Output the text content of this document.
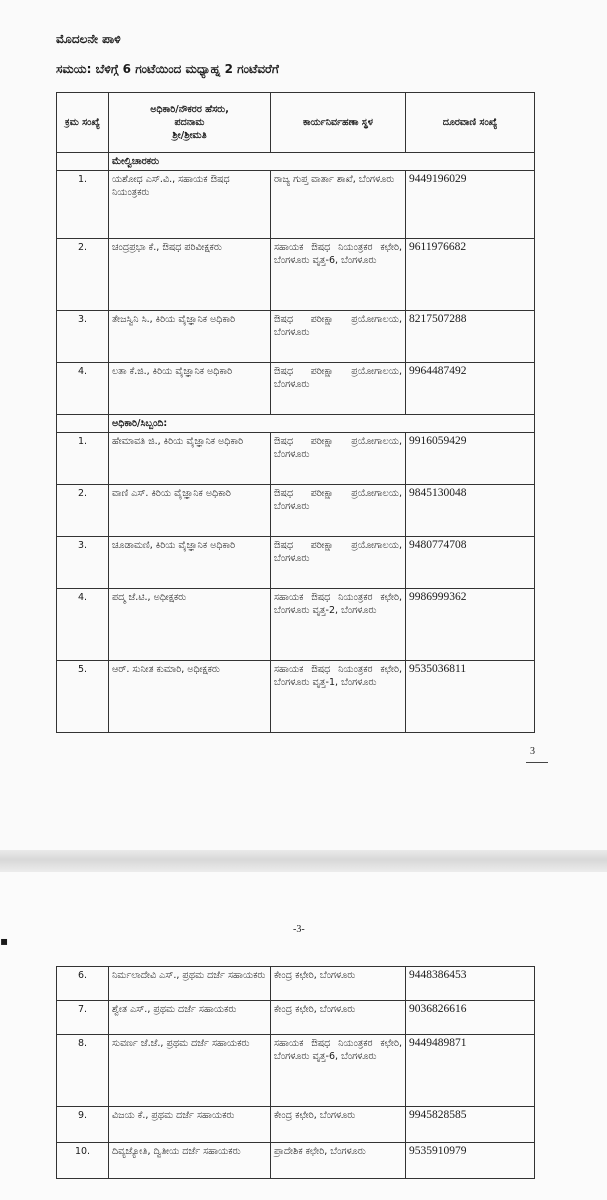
ಮೊದಲನೇ ಪಾಳಿ
ಸಮಯ: ಬೆಳಿಗ್ಗೆ 6 ಗಂಟೆಯಿಂದ ಮಧ್ಯಾಹ್ನ 2 ಗಂಟೆವರೆಗೆ
ಕ್ರಮ ಸಂಖ್ಯೆ	ಅಧಿಕಾರಿ/ನೌಕರರ ಹೆಸರು,
ಪದನಾಮ
ಶ್ರೀ/ಶ್ರೀಮತಿ	ಕಾರ್ಯನಿರ್ವಹಣಾ ಸ್ಥಳ	ದೂರವಾಣಿ ಸಂಖ್ಯೆ
	ಮೇಲ್ವಿಚಾರಕರು		
1.	ಯಶೋಧ ಎಸ್.ವಿ., ಸಹಾಯಕ ಔಷಧ ನಿಯಂತ್ರಕರು	ರಾಜ್ಯ ಗುಪ್ತ ವಾರ್ತಾ ಶಾಖೆ, ಬೆಂಗಳೂರು	9449196029
2.	ಚಂದ್ರಪ್ರಭಾ ಕೆ., ಔಷಧ ಪರಿವೀಕ್ಷಕರು	ಸಹಾಯಕ ಔಷಧ ನಿಯಂತ್ರಕರ ಕಛೇರಿ, ಬೆಂಗಳೂರು ವೃತ್ತ-6, ಬೆಂಗಳೂರು	9611976682
3.	ತೇಜಸ್ವಿನಿ ಸಿ., ಕಿರಿಯ ವೈಜ್ಞಾನಿಕ ಅಧಿಕಾರಿ	ಔಷಧ ಪರೀಕ್ಷಾ ಪ್ರಯೋಗಾಲಯ, ಬೆಂಗಳೂರು	8217507288
4.	ಲತಾ ಕೆ.ಜಿ., ಕಿರಿಯ ವೈಜ್ಞಾನಿಕ ಅಧಿಕಾರಿ	ಔಷಧ ಪರೀಕ್ಷಾ ಪ್ರಯೋಗಾಲಯ, ಬೆಂಗಳೂರು	9964487492
	ಅಧಿಕಾರಿ/ಸಿಬ್ಬಂದಿ:		
1.	ಹೇಮಾವತಿ ಜಿ., ಕಿರಿಯ ವೈಜ್ಞಾನಿಕ ಅಧಿಕಾರಿ	ಔಷಧ ಪರೀಕ್ಷಾ ಪ್ರಯೋಗಾಲಯ, ಬೆಂಗಳೂರು	9916059429
2.	ವಾಣಿ ಎಸ್. ಕಿರಿಯ ವೈಜ್ಞಾನಿಕ ಅಧಿಕಾರಿ	ಔಷಧ ಪರೀಕ್ಷಾ ಪ್ರಯೋಗಾಲಯ, ಬೆಂಗಳೂರು	9845130048
3.	ಚೂಡಾಮಣಿ, ಕಿರಿಯ ವೈಜ್ಞಾನಿಕ ಅಧಿಕಾರಿ	ಔಷಧ ಪರೀಕ್ಷಾ ಪ್ರಯೋಗಾಲಯ, ಬೆಂಗಳೂರು	9480774708
4.	ಪದ್ಮ ಜೆ.ಟಿ., ಅಧೀಕ್ಷಕರು	ಸಹಾಯಕ ಔಷಧ ನಿಯಂತ್ರಕರ ಕಛೇರಿ, ಬೆಂಗಳೂರು ವೃತ್ತ-2, ಬೆಂಗಳೂರು	9986999362
5.	ಆರ್. ಸುನೀತ ಕುಮಾರಿ, ಅಧೀಕ್ಷಕರು	ಸಹಾಯಕ ಔಷಧ ನಿಯಂತ್ರಕರ ಕಛೇರಿ, ಬೆಂಗಳೂರು ವೃತ್ತ-1, ಬೆಂಗಳೂರು	9535036811
3
▪
-3-
6.	ನಿರ್ಮಲಾದೇವಿ ಎಸ್., ಪ್ರಥಮ ದರ್ಜೆ ಸಹಾಯಕರು	ಕೇಂದ್ರ ಕಛೇರಿ, ಬೆಂಗಳೂರು	9448386453
7.	ಶ್ವೇತ ಎಸ್., ಪ್ರಥಮ ದರ್ಜೆ ಸಹಾಯಕರು	ಕೇಂದ್ರ ಕಛೇರಿ, ಬೆಂಗಳೂರು	9036826616
8.	ಸುವರ್ಣ ಜೆ.ಜೆ., ಪ್ರಥಮ ದರ್ಜೆ ಸಹಾಯಕರು	ಸಹಾಯಕ ಔಷಧ ನಿಯಂತ್ರಕರ ಕಛೇರಿ, ಬೆಂಗಳೂರು ವೃತ್ತ-6, ಬೆಂಗಳೂರು	9449489871
9.	ವಿಜಯ ಕೆ., ಪ್ರಥಮ ದರ್ಜೆ ಸಹಾಯಕರು	ಕೇಂದ್ರ ಕಛೇರಿ, ಬೆಂಗಳೂರು	9945828585
10.	ದಿವ್ಯಜ್ಯೋತಿ, ದ್ವಿತೀಯ ದರ್ಜೆ ಸಹಾಯಕರು	ಪ್ರಾದೇಶಿಕ ಕಛೇರಿ, ಬೆಂಗಳೂರು	9535910979
